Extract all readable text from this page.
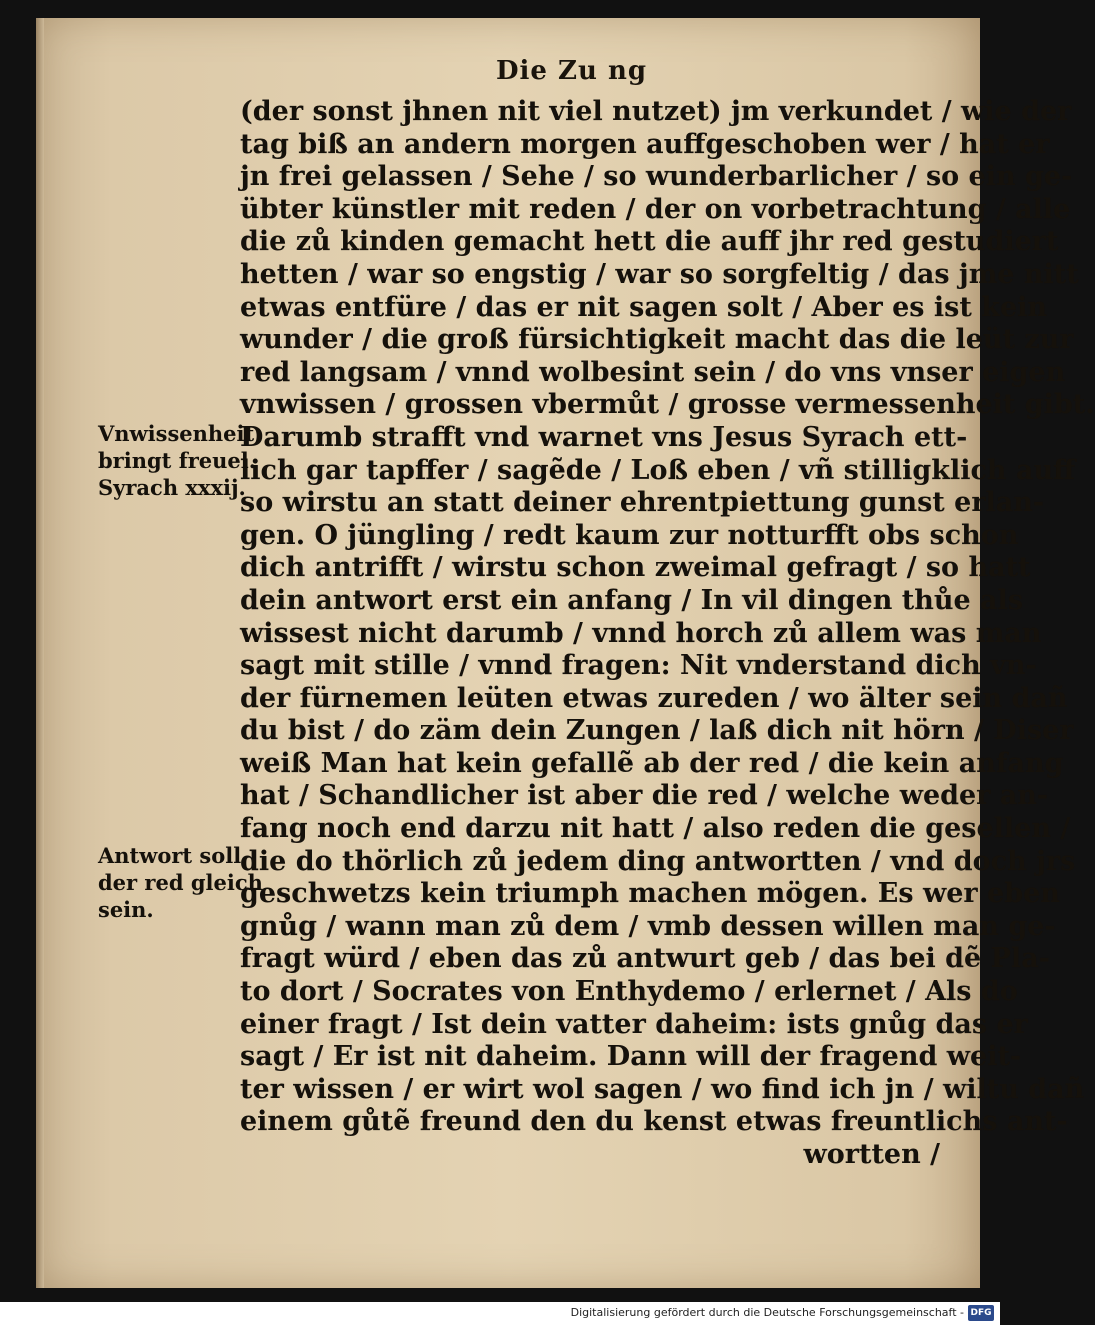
Die Zu ng
(der sonst jhnen nit viel nutzet) jm verkundet / wie der
tag biß an andern morgen auffgeschoben wer / hat er
jn frei gelassen / Sehe / so wunderbarlicher / so ein ge-
übter künstler mit reden / der on vorbetrachtung / alle
die zů kinden gemacht hett die auff jhr red gestudiert
hetten / war so engstig / war so sorgfeltig / das jme nitt
etwas entfüre / das er nit sagen solt / Aber es ist kein
wunder / die groß fürsichtigkeit macht das die leüt zur
red langsam / vnnd wolbesint sein / do vns vnser eigen
vnwissen / grossen vbermůt / grosse vermessenheit gibt.
Darumb strafft vnd warnet vns Jesus Syrach ett-
lich gar tapffer / sagẽde / Loß eben / vñ stilligklich auff
so wirstu an statt deiner ehrentpiettung gunst erlan-
gen. O jüngling / redt kaum zur notturfft obs schon
dich antrifft / wirstu schon zweimal gefragt / so hatt
dein antwort erst ein anfang / In vil dingen thůe als
wissest nicht darumb / vnnd horch zů allem was man
sagt mit stille / vnnd fragen: Nit vnderstand dich vn-
der fürnemen leüten etwas zureden / wo älter sein dañ
du bist / do zäm dein Zungen / laß dich nit hörn / Diser
weiß Man hat kein gefallẽ ab der red / die kein anfang
hat / Schandlicher ist aber die red / welche weder an-
fang noch end darzu nit hatt / also reden die gesellen /
die do thörlich zů jedem ding antwortten / vnd doch jrs
geschwetzs kein triumph machen mögen. Es wer eben
gnůg / wann man zů dem / vmb dessen willen man ge-
fragt würd / eben das zů antwurt geb / das bei dẽ Pla-
to dort / Socrates von Enthydemo / erlernet / Als do
einer fragt / Ist dein vatter daheim: ists gnůg das er
sagt / Er ist nit daheim. Dann will der fragend weit-
ter wissen / er wirt wol sagen / wo find ich jn / wiltu dañ
einem gůtẽ freund den du kenst etwas freuntlichs ant-
wortten /
Vnwissenheit
bringt freuel.
Syrach xxxij.
Antwort soll
der red gleich
sein.
Digitalisierung gefördert durch die Deutsche Forschungsgemeinschaft - DFG
